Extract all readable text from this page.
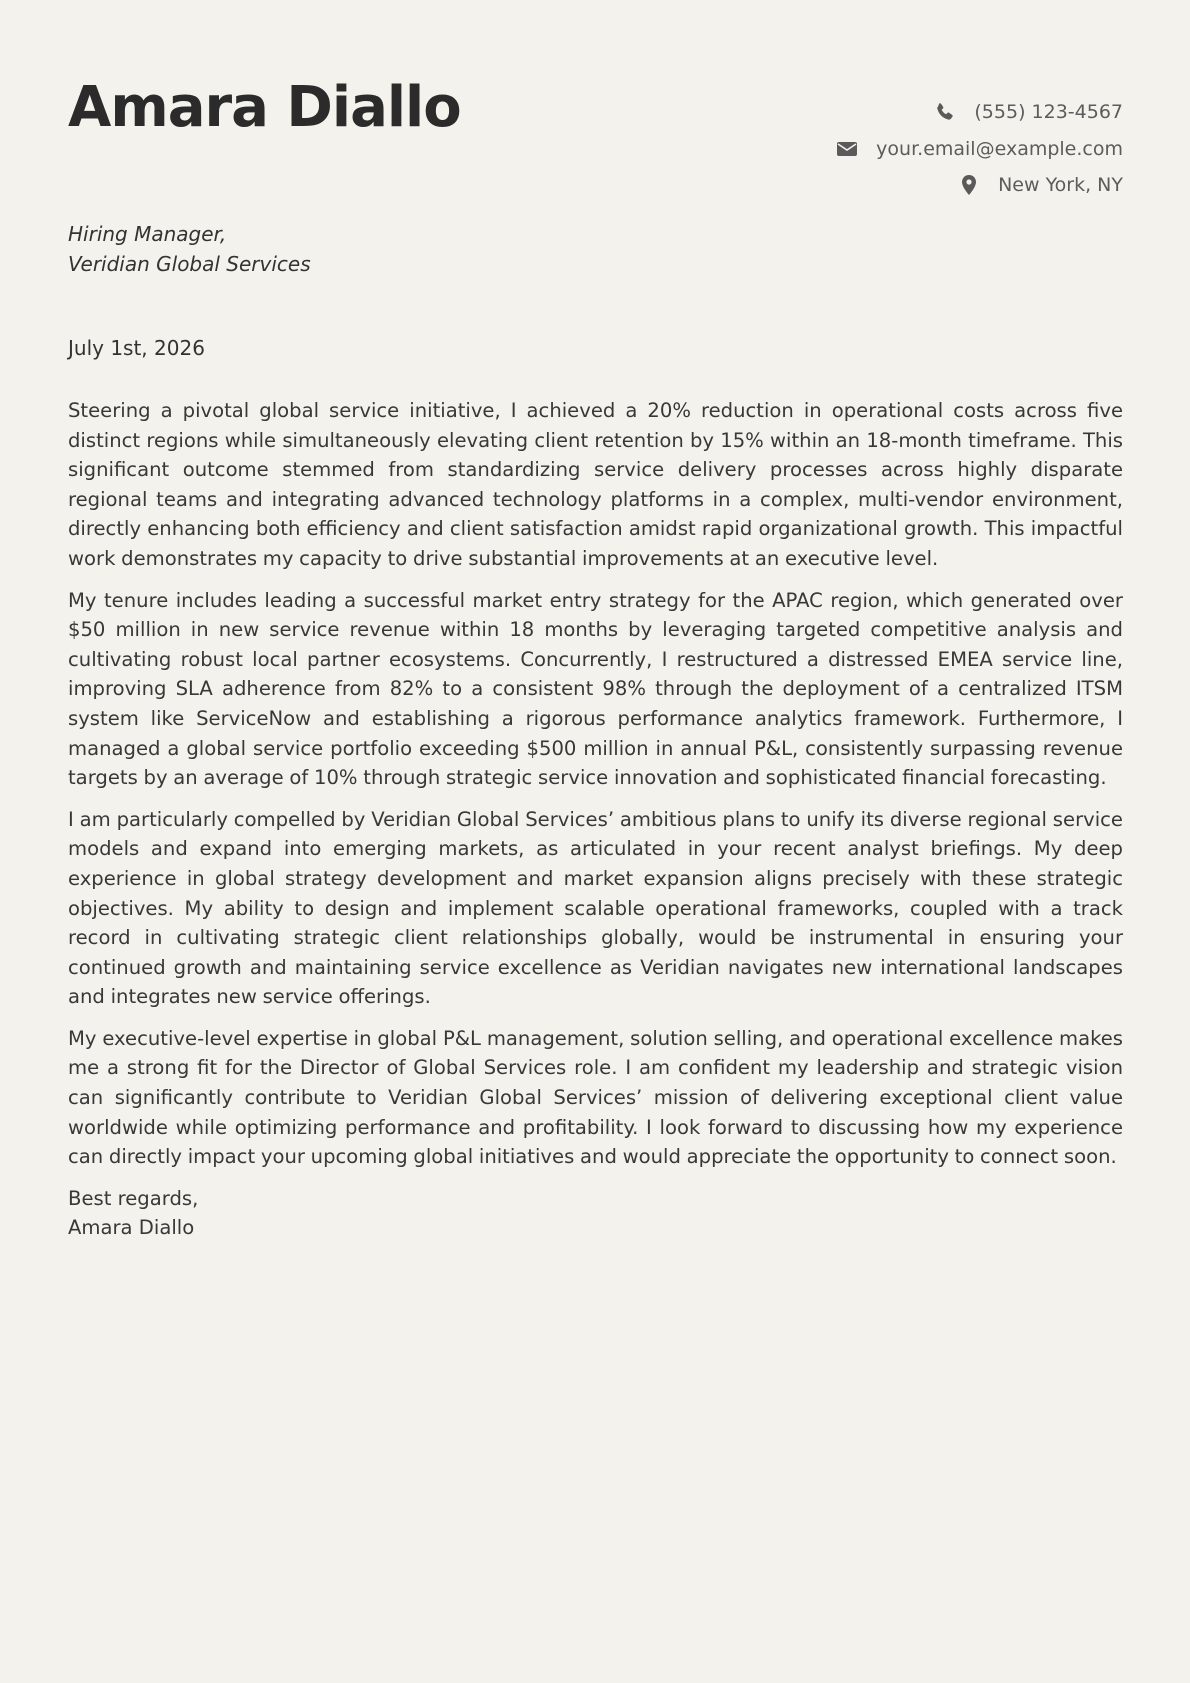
Amara Diallo	(555) 123-4567
your.email@example.com
New York, NY
Hiring Manager,
Veridian Global Services
July 1st, 2026

Steering a pivotal global service initiative, I achieved a 20% reduction in operational costs across five distinct regions while simultaneously elevating client retention by 15% within an 18-month timeframe. This significant outcome stemmed from standardizing service delivery processes across highly disparate regional teams and integrating advanced technology platforms in a complex, multi-vendor environment, directly enhancing both efficiency and client satisfaction amidst rapid organizational growth. This impactful work demonstrates my capacity to drive substantial improvements at an executive level.

My tenure includes leading a successful market entry strategy for the APAC region, which generated over $50 million in new service revenue within 18 months by leveraging targeted competitive analysis and cultivating robust local partner ecosystems. Concurrently, I restructured a distressed EMEA service line, improving SLA adherence from 82% to a consistent 98% through the deployment of a centralized ITSM system like ServiceNow and establishing a rigorous performance analytics framework. Furthermore, I managed a global service portfolio exceeding $500 million in annual P&L, consistently surpassing revenue targets by an average of 10% through strategic service innovation and sophisticated financial forecasting.

I am particularly compelled by Veridian Global Services’ ambitious plans to unify its diverse regional service models and expand into emerging markets, as articulated in your recent analyst briefings. My deep experience in global strategy development and market expansion aligns precisely with these strategic objectives. My ability to design and implement scalable operational frameworks, coupled with a track record in cultivating strategic client relationships globally, would be instrumental in ensuring your continued growth and maintaining service excellence as Veridian navigates new international landscapes and integrates new service offerings.

My executive-level expertise in global P&L management, solution selling, and operational excellence makes me a strong fit for the Director of Global Services role. I am confident my leadership and strategic vision can significantly contribute to Veridian Global Services’ mission of delivering exceptional client value worldwide while optimizing performance and profitability. I look forward to discussing how my experience can directly impact your upcoming global initiatives and would appreciate the opportunity to connect soon.

Best regards,
Amara Diallo
